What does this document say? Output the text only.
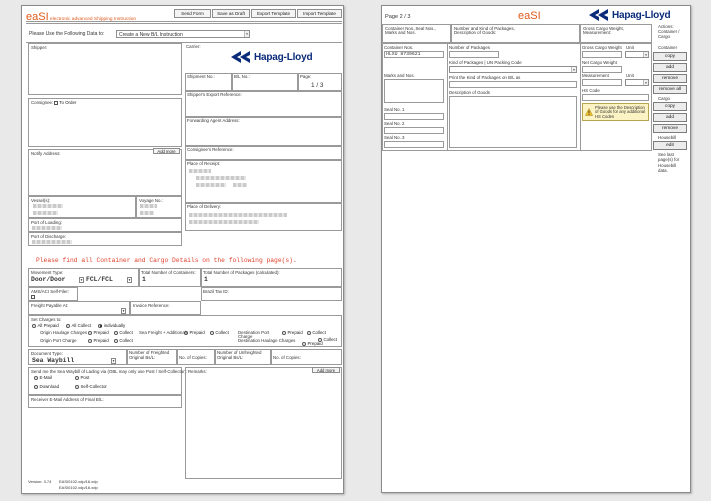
eaSI electronic advanced Shipping Instruction
Send Form	Save as Draft	Export Template	Import Template
Please Use the Following Data to:	Create a New B/L Instruction	▾
Shipper:	Carrier:
Hapag-Lloyd
Shipment No.:	B/L No.:	Page:
1 / 3
Shipper's Export Reference:
Consignee:	To Order
Forwarding Agent Address:
Consignee's Reference:
Notify Address:	Add more
Place of Receipt:
Vessel(s):	Voyage No.:
Place of Delivery:
Port of Loading:
Port of Discharge:
Please find all Container and Cargo Details on the following page(s).
Movement Type:
Door/Door	▾ FCL/FCL	▾
Total Number of Containers:
1
Total Number of Packages (calculated):
1
AMS/ACI Self-Filer:	Brazil Tax ID:
Freight Payable At:
▾
Invoice Reference:
Set Charges to:
All Prepaid	All Collect	individually
Origin Haulage Charges	Prepaid Collect Sea Freight + Additionals Prepaid Collect Destination Port Charge
Prepaid Collect
Origin Port Charge	Prepaid Collect	Destination Haulage Charges
Prepaid
Collect
Document Type:
Sea Waybill	▾
Number of Freighted
Original Bs/L:	No. of Copies:
Number of Unfreighted
Original Bs/L:	No. of Copies:
Send me the Sea Waybill of Lading via (OBL may only use Post / Self-Collector):
E-Mail	Post
Download	Self-Collector
Receiver E-Mail Address of Final B/L:
Remarks:	Add more
Version: 3.74 EASI0102.xdp/16.xdp
EASI0102.xdp/16.xdp
Page 2 / 3	eaSI	Hapag-Lloyd
Container Nos.,Seal Nos., Marks and Nos.
Number and Kind of Packages, Description of Goods:
Gross Cargo Weight, Measurement:
Actions: Container / Cargo
Container Nos.
HLXU 8739621
Number of Packages	Gross Cargo Weight Unit
▾
Kind of Packages | UN Packing Code
▾
Net Cargo Weight
Marks and Nos.	Print the Kind of Packages on B/L as	Measurement	Unit
▾
Description of Goods	HS Code
Please use the Description of Goods for any additional HS Codes
Seal No. 1
Seal No. 2
Seal No. 3
Container
copy
add
remove
remove all
Cargo
copy
add
remove
Housebill
edit
See last page(s) for Housebill data.
